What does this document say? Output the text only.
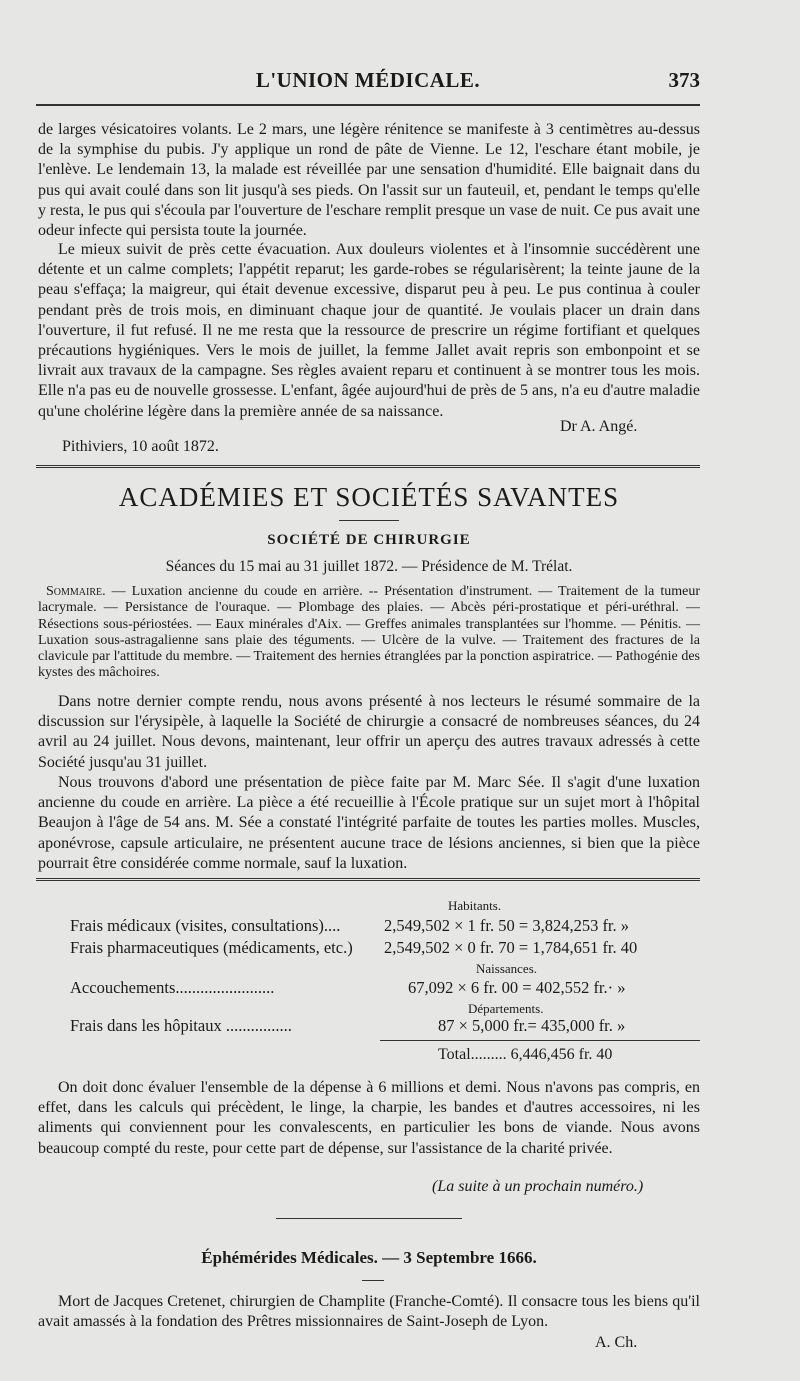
L'UNION MÉDICALE.	373

de larges vésicatoires volants. Le 2 mars, une légère rénitence se manifeste à 3 centimètres au-dessus de la symphise du pubis. J'y applique un rond de pâte de Vienne. Le 12, l'eschare étant mobile, je l'enlève. Le lendemain 13, la malade est réveillée par une sensation d'humidité. Elle baignait dans du pus qui avait coulé dans son lit jusqu'à ses pieds. On l'assit sur un fauteuil, et, pendant le temps qu'elle y resta, le pus qui s'écoula par l'ouverture de l'eschare remplit presque un vase de nuit. Ce pus avait une odeur infecte qui persista toute la journée.

Le mieux suivit de près cette évacuation. Aux douleurs violentes et à l'insomnie succédèrent une détente et un calme complets; l'appétit reparut; les garde-robes se régularisèrent; la teinte jaune de la peau s'effaça; la maigreur, qui était devenue excessive, disparut peu à peu. Le pus continua à couler pendant près de trois mois, en diminuant chaque jour de quantité. Je voulais placer un drain dans l'ouverture, il fut refusé. Il ne me resta que la ressource de prescrire un régime fortifiant et quelques précautions hygiéniques. Vers le mois de juillet, la femme Jallet avait repris son embonpoint et se livrait aux travaux de la campagne. Ses règles avaient reparu et continuent à se montrer tous les mois. Elle n'a pas eu de nouvelle grossesse. L'enfant, âgée aujourd'hui de près de 5 ans, n'a eu d'autre maladie qu'une cholérine légère dans la première année de sa naissance.

Dr A. Angé.
Pithiviers, 10 août 1872.
ACADÉMIES ET SOCIÉTÉS SAVANTES
SOCIÉTÉ DE CHIRURGIE
Séances du 15 mai au 31 juillet 1872. — Présidence de M. Trélat.

Sommaire. — Luxation ancienne du coude en arrière. -- Présentation d'instrument. — Traitement de la tumeur lacrymale. — Persistance de l'ouraque. — Plombage des plaies. — Abcès péri-prostatique et péri-uréthral. — Résections sous-périostées. — Eaux minérales d'Aix. — Greffes animales transplantées sur l'homme. — Pénitis. — Luxation sous-astragalienne sans plaie des téguments. — Ulcère de la vulve. — Traitement des fractures de la clavicule par l'attitude du membre. — Traitement des hernies étranglées par la ponction aspiratrice. — Pathogénie des kystes des mâchoires.

Dans notre dernier compte rendu, nous avons présenté à nos lecteurs le résumé sommaire de la discussion sur l'érysipèle, à laquelle la Société de chirurgie a consacré de nombreuses séances, du 24 avril au 24 juillet. Nous devons, maintenant, leur offrir un aperçu des autres travaux adressés à cette Société jusqu'au 31 juillet.

Nous trouvons d'abord une présentation de pièce faite par M. Marc Sée. Il s'agit d'une luxation ancienne du coude en arrière. La pièce a été recueillie à l'École pratique sur un sujet mort à l'hôpital Beaujon à l'âge de 54 ans. M. Sée a constaté l'intégrité parfaite de toutes les parties molles. Muscles, aponévrose, capsule articulaire, ne présentent aucune trace de lésions anciennes, si bien que la pièce pourrait être considérée comme normale, sauf la luxation.

Habitants.
Frais médicaux (visites, consultations)....	2,549,502 × 1 fr. 50 = 3,824,253 fr. »
Frais pharmaceutiques (médicaments, etc.) 2,549,502 × 0 fr. 70 = 1,784,651 fr. 40
Naissances.
Accouchements........................	67,092 × 6 fr. 00 = 402,552 fr.· »
Départements.
Frais dans les hôpitaux ................	87 × 5,000 fr.= 435,000 fr. »
Total......... 6,446,456 fr. 40

On doit donc évaluer l'ensemble de la dépense à 6 millions et demi. Nous n'avons pas compris, en effet, dans les calculs qui précèdent, le linge, la charpie, les bandes et d'autres accessoires, ni les aliments qui conviennent pour les convalescents, en particulier les bons de viande. Nous avons beaucoup compté du reste, pour cette part de dépense, sur l'assistance de la charité privée.

(La suite à un prochain numéro.)
Éphémérides Médicales. — 3 Septembre 1666.

Mort de Jacques Cretenet, chirurgien de Champlite (Franche-Comté). Il consacre tous les biens qu'il avait amassés à la fondation des Prêtres missionnaires de Saint-Joseph de Lyon.

A. Ch.
